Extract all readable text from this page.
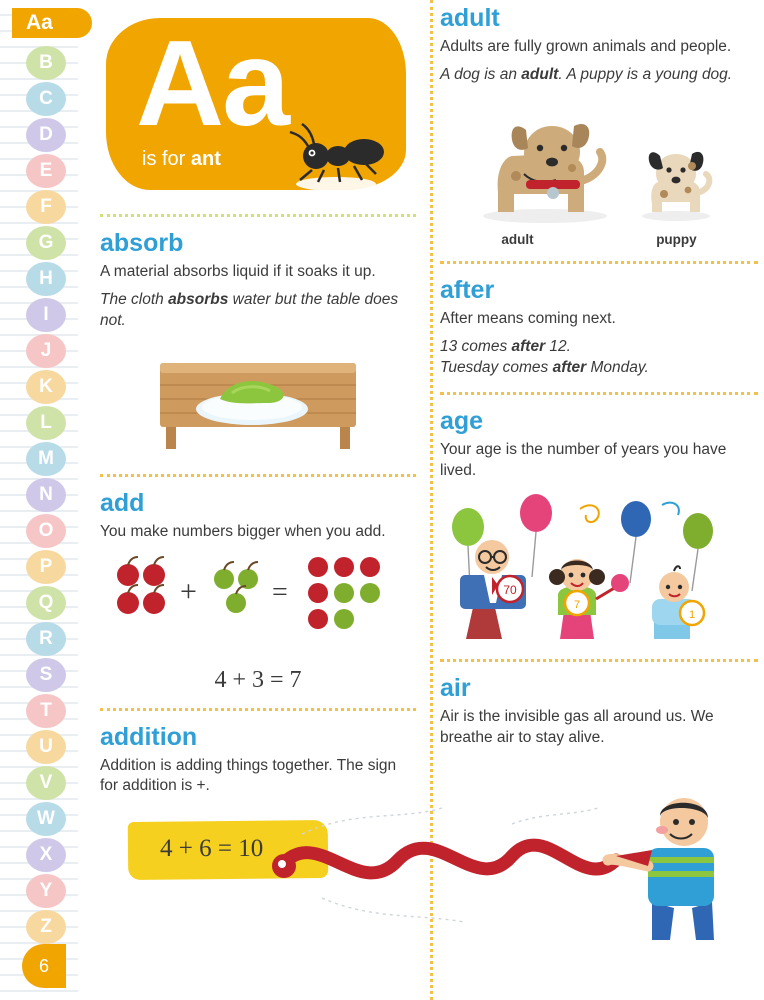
Aa
B
C
D
E
F
G
H
I
J
K
L
M
N
O
P
Q
R
S
T
U
V
W
X
Y
Z
6
Aa
is for ant
absorb

A material absorbs liquid if it soaks it up.

The cloth absorbs water but the table does not.

add

You make numbers bigger when you add.

+	=
4 + 3 = 7
addition

Addition is adding things together. The sign for addition is +.

4 + 6 = 10
adult

Adults are fully grown animals and people.

A dog is an adult. A puppy is a young dog.

adult	puppy
after

After means coming next.

13 comes after 12.
Tuesday comes after Monday.

age

Your age is the number of years you have lived.

70
7
1
air

Air is the invisible gas all around us. We breathe air to stay alive.
